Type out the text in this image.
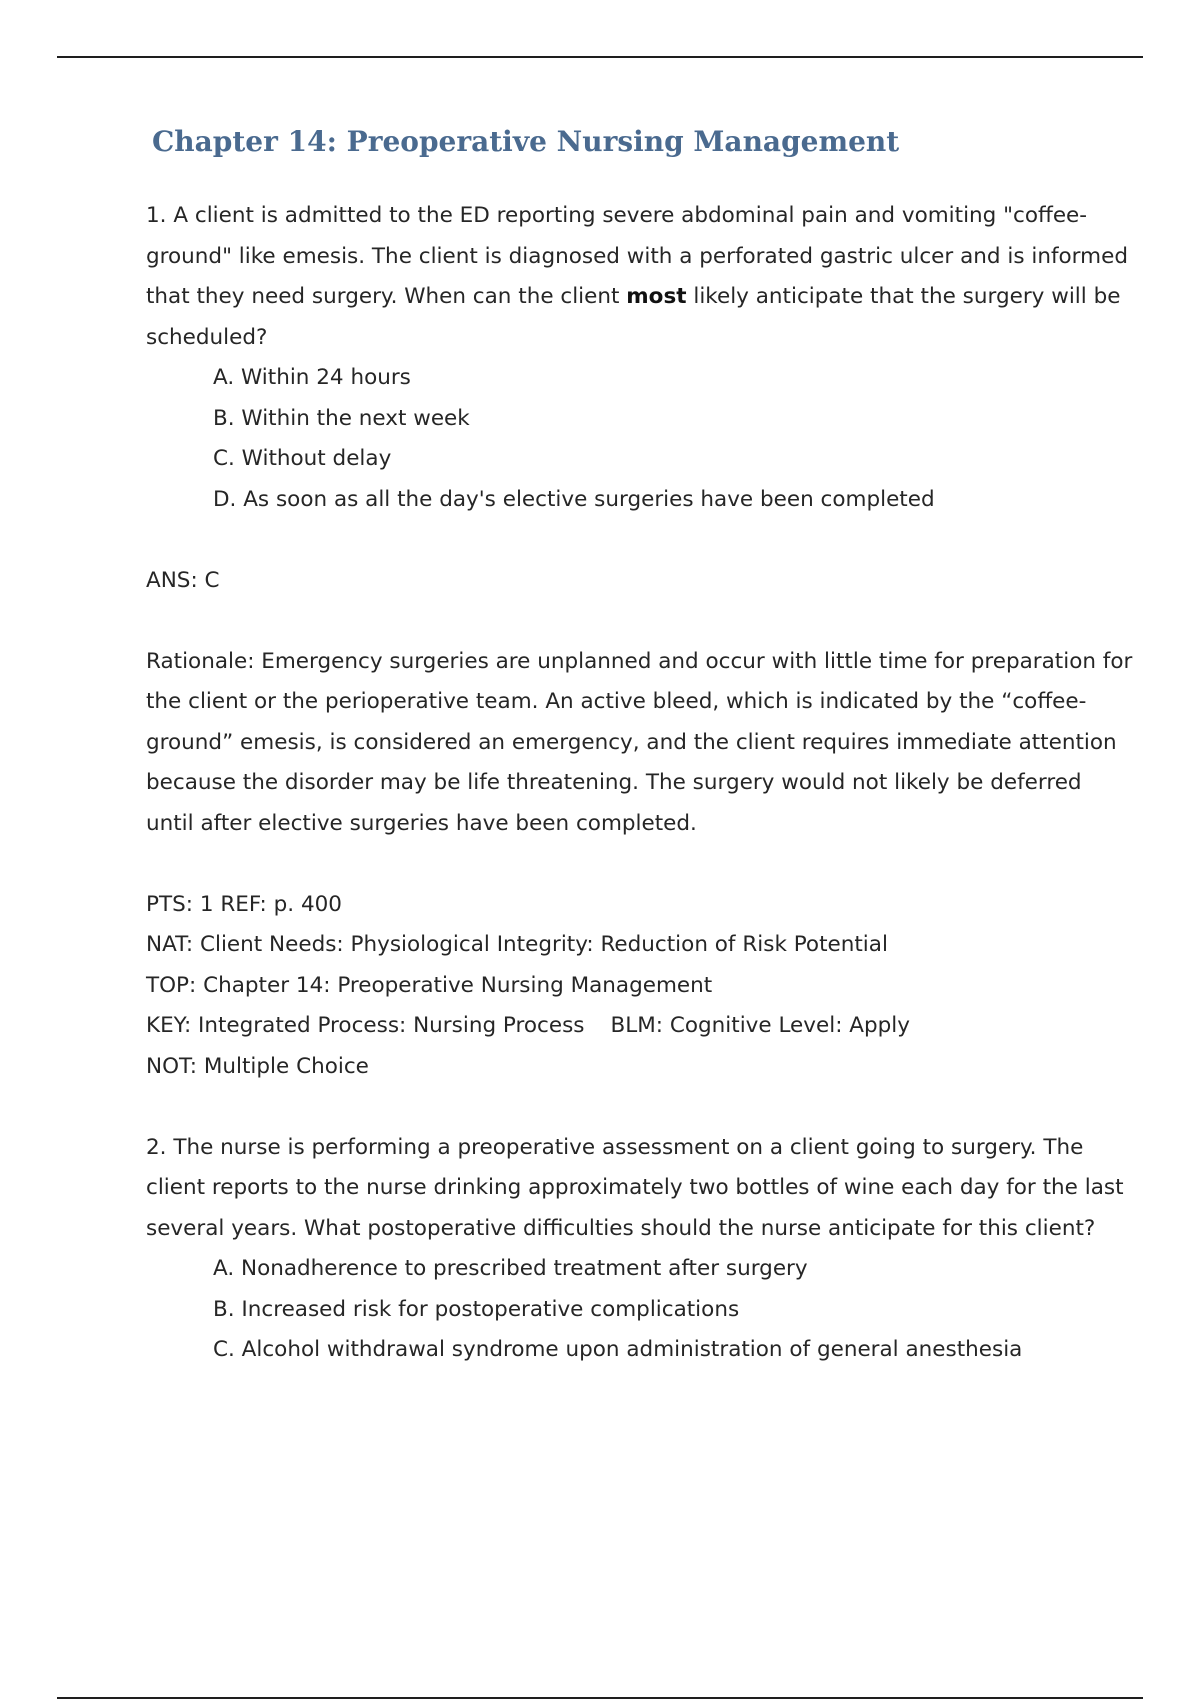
Chapter 14: Preoperative Nursing Management

1. A client is admitted to the ED reporting severe abdominal pain and vomiting "coffee-ground" like emesis. The client is diagnosed with a perforated gastric ulcer and is informed that they need surgery. When can the client most likely anticipate that the surgery will be scheduled?

A. Within 24 hours
B. Within the next week
C. Without delay
D. As soon as all the day's elective surgeries have been completed

ANS: C

Rationale: Emergency surgeries are unplanned and occur with little time for preparation for the client or the perioperative team. An active bleed, which is indicated by the “coffee-ground” emesis, is considered an emergency, and the client requires immediate attention because the disorder may be life threatening. The surgery would not likely be deferred until after elective surgeries have been completed.

PTS: 1 REF: p. 400

NAT: Client Needs: Physiological Integrity: Reduction of Risk Potential

TOP: Chapter 14: Preoperative Nursing Management

KEY: Integrated Process: Nursing Process BLM: Cognitive Level: Apply

NOT: Multiple Choice

2. The nurse is performing a preoperative assessment on a client going to surgery. The client reports to the nurse drinking approximately two bottles of wine each day for the last several years. What postoperative difficulties should the nurse anticipate for this client?

A. Nonadherence to prescribed treatment after surgery
B. Increased risk for postoperative complications
C. Alcohol withdrawal syndrome upon administration of general anesthesia
